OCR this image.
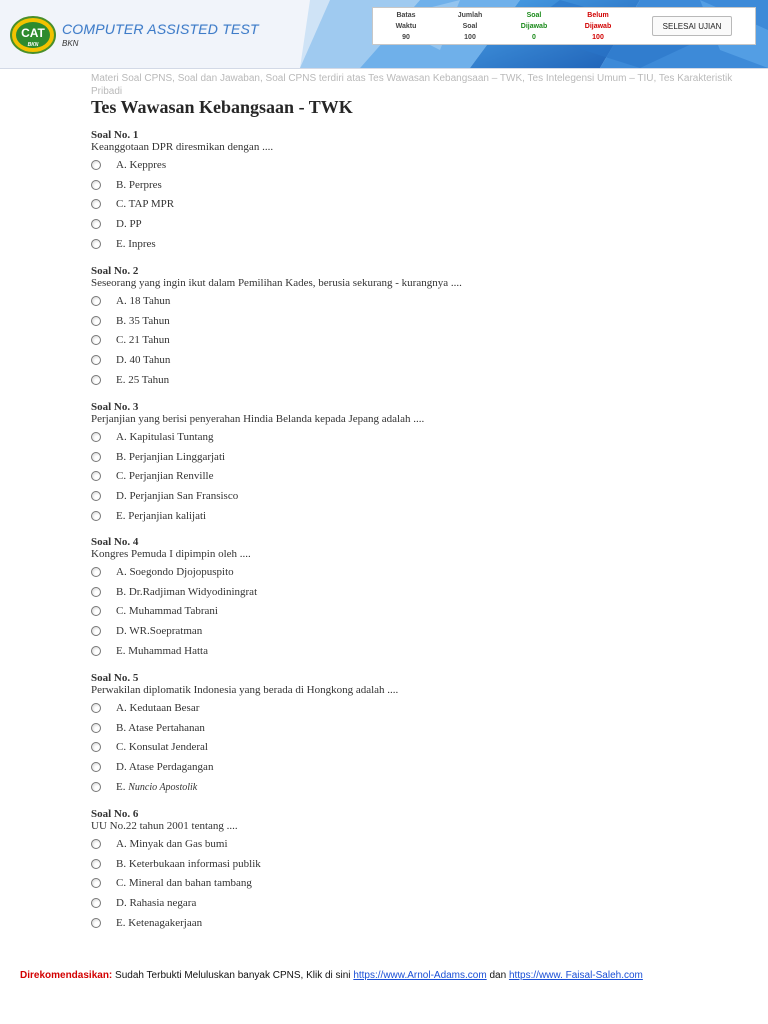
CAT
BKN
COMPUTER ASSISTED TEST
BKN
Batas
Waktu
90
Jumlah
Soal
100
Soal
Dijawab
0
Belum
Dijawab
100
SELESAI UJIAN
Materi Soal CPNS, Soal dan Jawaban, Soal CPNS terdiri atas Tes Wawasan Kebangsaan – TWK, Tes Intelegensi Umum – TIU, Tes Karakteristik Pribadi
Tes Wawasan Kebangsaan - TWK
Soal No. 1
Keanggotaan DPR diresmikan dengan ....
A. Keppres
B. Perpres
C. TAP MPR
D. PP
E. Inpres
Soal No. 2
Seseorang yang ingin ikut dalam Pemilihan Kades, berusia sekurang - kurangnya ....
A. 18 Tahun
B. 35 Tahun
C. 21 Tahun
D. 40 Tahun
E. 25 Tahun
Soal No. 3
Perjanjian yang berisi penyerahan Hindia Belanda kepada Jepang adalah ....
A. Kapitulasi Tuntang
B. Perjanjian Linggarjati
C. Perjanjian Renville
D. Perjanjian San Fransisco
E. Perjanjian kalijati
Soal No. 4
Kongres Pemuda I dipimpin oleh ....
A. Soegondo Djojopuspito
B. Dr.Radjiman Widyodiningrat
C. Muhammad Tabrani
D. WR.Soepratman
E. Muhammad Hatta
Soal No. 5
Perwakilan diplomatik Indonesia yang berada di Hongkong adalah ....
A. Kedutaan Besar
B. Atase Pertahanan
C. Konsulat Jenderal
D. Atase Perdagangan
E. Nuncio Apostolik
Soal No. 6
UU No.22 tahun 2001 tentang ....
A. Minyak dan Gas bumi
B. Keterbukaan informasi publik
C. Mineral dan bahan tambang
D. Rahasia negara
E. Ketenagakerjaan
Direkomendasikan: Sudah Terbukti Meluluskan banyak CPNS, Klik di sini https://www.Arnol-Adams.com dan https://www. Faisal-Saleh.com
